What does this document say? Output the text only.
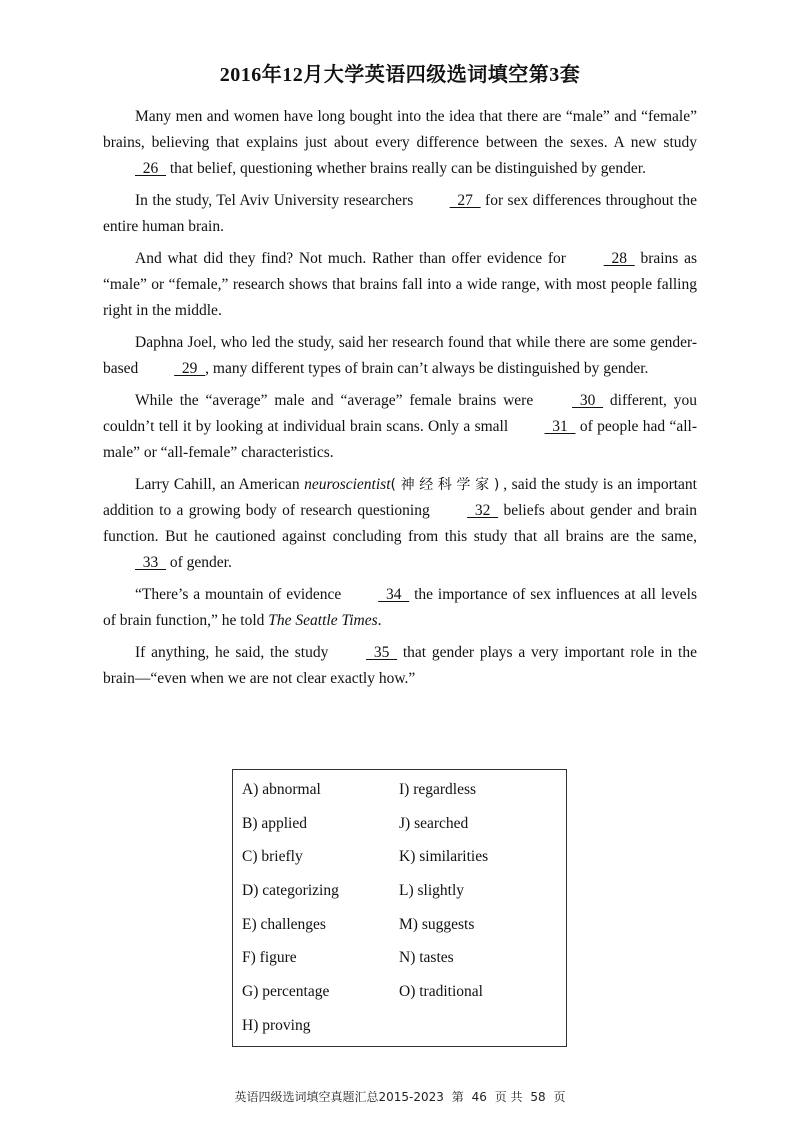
2016年12月大学英语四级选词填空第3套

Many men and women have long bought into the idea that there are “male” and “female” brains, believing that explains just about every difference between the sexes. A new study   26   that belief, questioning whether brains really can be distinguished by gender.

In the study, Tel Aviv University researchers   27   for sex differences throughout the entire human brain.

And what did they find? Not much. Rather than offer evidence for   28   brains as “male” or “female,” research shows that brains fall into a wide range, with most people falling right in the middle.

Daphna Joel, who led the study, said her research found that while there are some gender-based   29  , many different types of brain can’t always be distinguished by gender.

While the “average” male and “average” female brains were   30   different, you couldn’t tell it by looking at individual brain scans. Only a small   31   of people had “all-male” or “all-female” characteristics.

Larry Cahill, an American neuroscientist(神经科学家), said the study is an important addition to a growing body of research questioning   32   beliefs about gender and brain function. But he cautioned against concluding from this study that all brains are the same,   33   of gender.

“There’s a mountain of evidence   34   the importance of sex influences at all levels of brain function,” he told The Seattle Times.

If anything, he said, the study   35   that gender plays a very important role in the brain—“even when we are not clear exactly how.”

A) abnormal
B) applied
C) briefly
D) categorizing
E) challenges
F) figure
G) percentage
H) proving
I) regardless
J) searched
K) similarities
L) slightly
M) suggests
N) tastes
O) traditional
英语四级选词填空真题汇总2015-2023 第 46 页 共 58 页
